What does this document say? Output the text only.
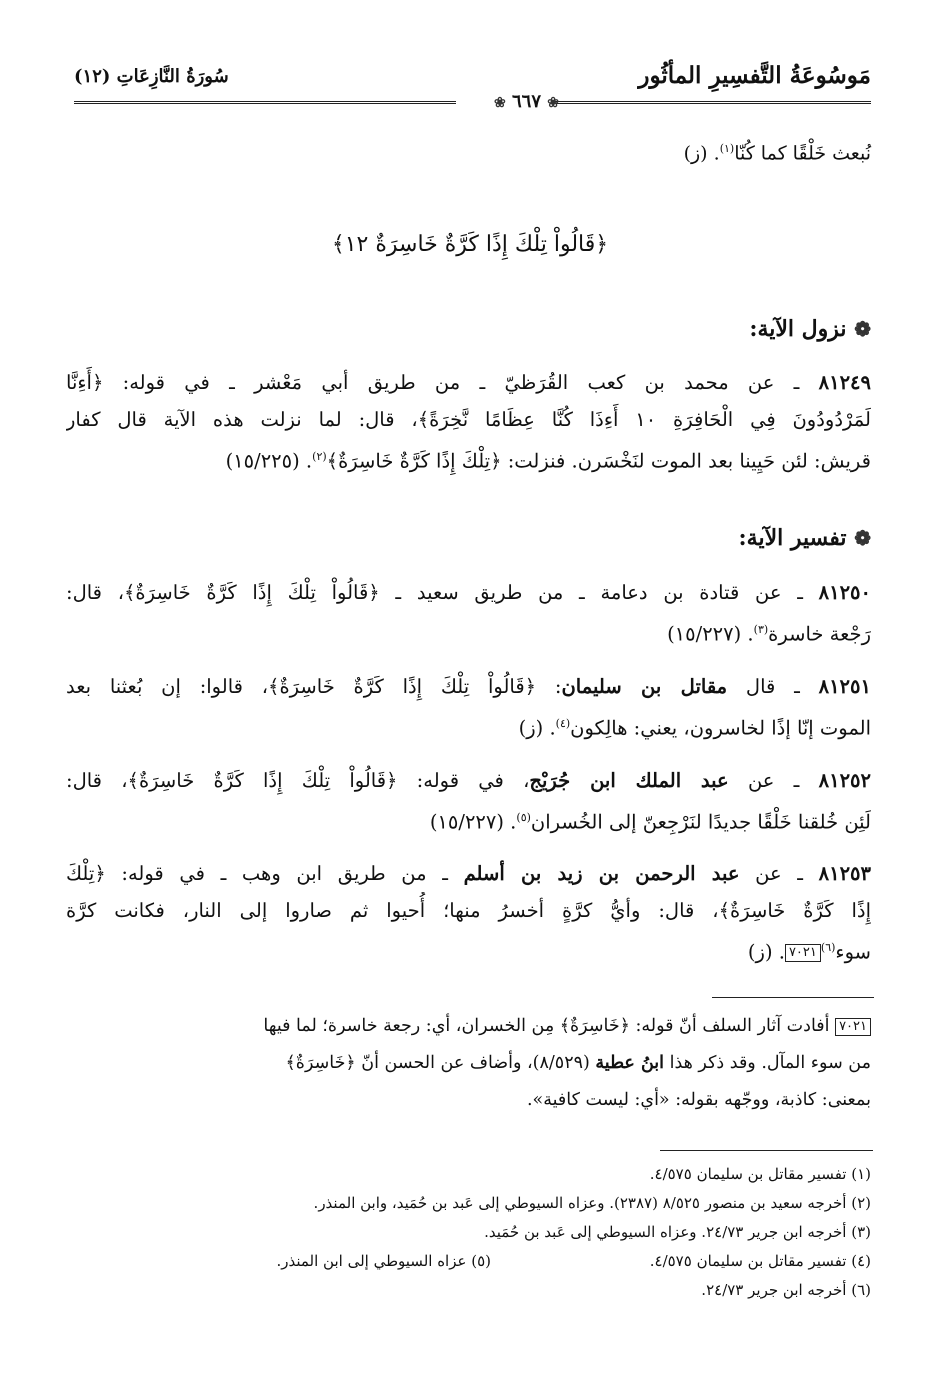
مَوسُوعَةُ التَّفسِيرِ المأثُور
سُورَةُ النَّازِعَاتِ (١٢)
❀ ٦٦٧ ❀
نُبعث خَلْقًا كما كُنّا$^{(١)}$. (ز)
﴿قَالُواْ تِلْكَ إِذًا كَرَّةٌ خَاسِرَةٌ ١٢﴾
❁ نزول الآية:

٨١٢٤٩ ـ عن محمد بن كعب القُرَظيّ ـ من طريق أبي مَعْشر ـ في قوله: ﴿أَءِنَّا

لَمَرْدُودُونَ فِي الْحَافِرَةِ ١٠ أَءِذَا كُنَّا عِظَامًا نَّخِرَةً﴾، قال: لما نزلت هذه الآية قال كفار

قريش: لئن حَيِينا بعد الموت لنَخْسَرن. فنزلت: ﴿تِلْكَ إِذًا كَرَّةٌ خَاسِرَةٌ﴾$^{(٢)}$. (١٥/٢٢٥)

❁ تفسير الآية:

٨١٢٥٠ ـ عن قتادة بن دعامة ـ من طريق سعيد ـ ﴿قَالُواْ تِلْكَ إِذًا كَرَّةٌ خَاسِرَةٌ﴾، قال:

رَجْعة خاسرة$^{(٣)}$. (١٥/٢٢٧)

٨١٢٥١ ـ قال مقاتل بن سليمان: ﴿قَالُواْ تِلْكَ إِذًا كَرَّةٌ خَاسِرَةٌ﴾، قالوا: إن بُعثنا بعد

الموت إنّا إذًا لخاسرون، يعني: هالِكون$^{(٤)}$. (ز)

٨١٢٥٢ ـ عن عبد الملك ابن جُرَيْج، في قوله: ﴿قَالُواْ تِلْكَ إِذًا كَرَّةٌ خَاسِرَةٌ﴾، قال:

لَئِن خُلقنا خَلْقًا جديدًا لنَرْجِعنّ إلى الخُسران$^{(٥)}$. (١٥/٢٢٧)

٨١٢٥٣ ـ عن عبد الرحمن بن زيد بن أسلم ـ من طريق ابن وهب ـ في قوله: ﴿تِلْكَ

إِذًا كَرَّةٌ خَاسِرَةٌ﴾، قال: وأيُّ كرَّةٍ أخسرُ منها؛ أُحيوا ثم صاروا إلى النار، فكانت كرَّة

سوء$^{(٦)}$٧٠٢١. (ز)

٧٠٢١ أفادت آثار السلف أنّ قوله: ﴿خَاسِرَةٌ﴾ مِن الخسران، أي: رجعة خاسرة؛ لما فيها

من سوء المآل. وقد ذكر هذا ابنُ عطية (٨/٥٢٩)، وأضاف عن الحسن أنّ ﴿خَاسِرَةٌ﴾

بمعنى: كاذبة، ووجّهه بقوله: «أي: ليست كافية».

(١) تفسير مقاتل بن سليمان ٤/٥٧٥.

(٢) أخرجه سعيد بن منصور ٨/٥٢٥ (٢٣٨٧). وعزاه السيوطي إلى عَبد بن حُمَيد، وابن المنذر.

(٣) أخرجه ابن جرير ٢٤/٧٣. وعزاه السيوطي إلى عَبد بن حُمَيد.

(٤) تفسير مقاتل بن سليمان ٤/٥٧٥.(٥) عزاه السيوطي إلى ابن المنذر.

(٦) أخرجه ابن جرير ٢٤/٧٣.
